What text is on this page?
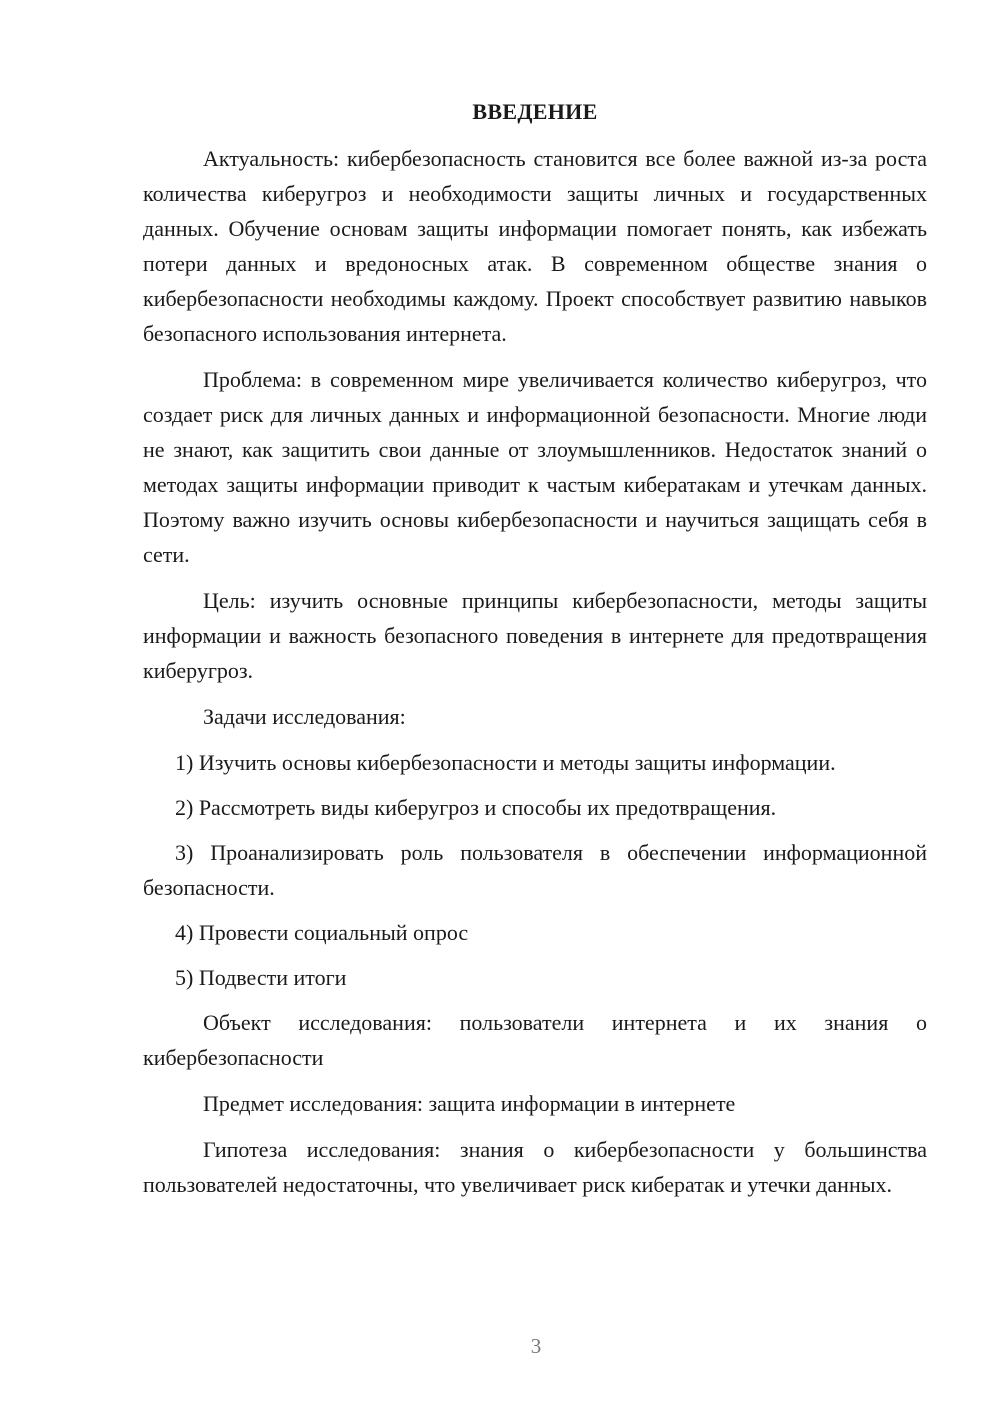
ВВЕДЕНИЕ

Актуальность: кибербезопасность становится все более важной из-за роста количества киберугроз и необходимости защиты личных и государственных данных. Обучение основам защиты информации помогает понять, как избежать потери данных и вредоносных атак. В современном обществе знания о кибербезопасности необходимы каждому. Проект способствует развитию навыков безопасного использования интернета.

Проблема: в современном мире увеличивается количество киберугроз, что создает риск для личных данных и информационной безопасности. Многие люди не знают, как защитить свои данные от злоумышленников. Недостаток знаний о методах защиты информации приводит к частым кибератакам и утечкам данных. Поэтому важно изучить основы кибербезопасности и научиться защищать себя в сети.

Цель: изучить основные принципы кибербезопасности, методы защиты информации и важность безопасного поведения в интернете для предотвращения киберугроз.

Задачи исследования:

1) Изучить основы кибербезопасности и методы защиты информации.

2) Рассмотреть виды киберугроз и способы их предотвращения.

3) Проанализировать роль пользователя в обеспечении информационной безопасности.

4) Провести социальный опрос

5) Подвести итоги

Объект исследования: пользователи интернета и их знания о кибербезопасности

Предмет исследования: защита информации в интернете

Гипотеза исследования: знания о кибербезопасности у большинства пользователей недостаточны, что увеличивает риск кибератак и утечки данных.

3
